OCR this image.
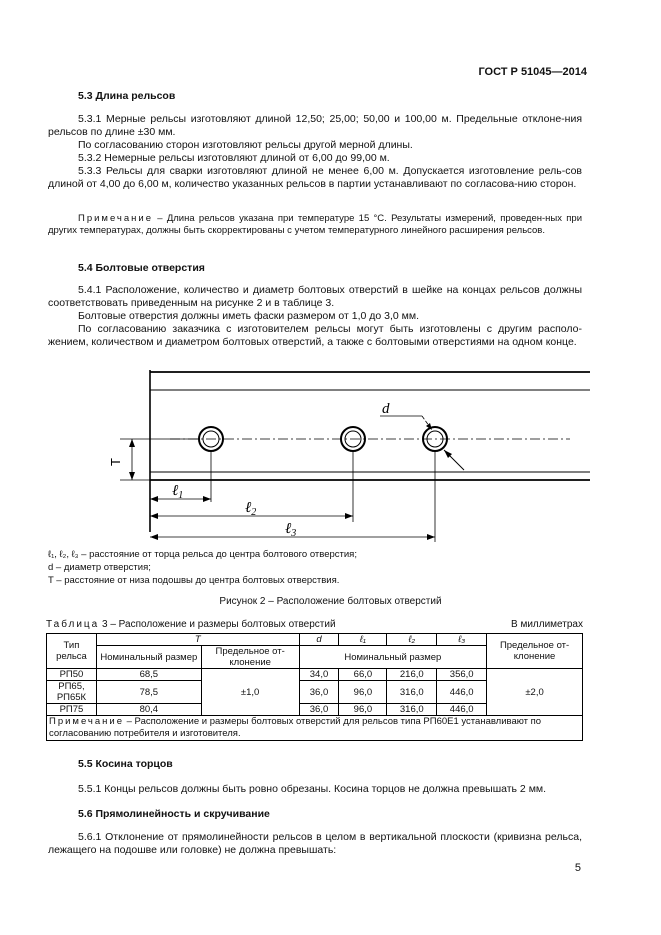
ГОСТ Р 51045—2014
5.3 Длина рельсов
5.3.1 Мерные рельсы изготовляют длиной 12,50; 25,00; 50,00 и 100,00 м. Предельные отклоне-ния рельсов по длине ±30 мм.
По согласованию сторон изготовляют рельсы другой мерной длины.
5.3.2 Немерные рельсы изготовляют длиной от 6,00 до 99,00 м.
5.3.3 Рельсы для сварки изготовляют длиной не менее 6,00 м. Допускается изготовление рель-сов длиной от 4,00 до 6,00 м, количество указанных рельсов в партии устанавливают по согласова-нию сторон.
Примечание – Длина рельсов указана при температуре 15 °С. Результаты измерений, проведен-ных при других температурах, должны быть скорректированы с учетом температурного линейного расширения рельсов.
5.4 Болтовые отверстия
5.4.1 Расположение, количество и диаметр болтовых отверстий в шейке на концах рельсов должны соответствовать приведенным на рисунке 2 и в таблице 3.
Болтовые отверстия должны иметь фаски размером от 1,0 до 3,0 мм.
По согласованию заказчика с изготовителем рельсы могут быть изготовлены с другим располо-жением, количеством и диаметром болтовых отверстий, а также с болтовыми отверстиями на одном конце.
d
T
ℓ$_1$
ℓ$_2$
ℓ$_3$
ℓ₁, ℓ₂, ℓ₃ – расстояние от торца рельса до центра болтового отверстия;
d – диаметр отверстия;
T – расстояние от низа подошвы до центра болтовых отверствия.
Рисунок 2 – Расположение болтовых отверстий
Таблица 3 – Расположение и размеры болтовых отверстий	В миллиметрах
Тип рельса	T		d	ℓ₁	ℓ₂	ℓ₃	Предельное от-клонение
	Номинальный размер	Предельное от-клонение	Номинальный размер				
РП50	68,5	±1,0	34,0	66,0	216,0	356,0	±2,0
РП65, РП65К	78,5		36,0	96,0	316,0	446,0	
РП75	80,4		36,0	96,0	316,0	446,0	
Примечание – Расположение и размеры болтовых отверстий для рельсов типа РП60Е1 устанавливают по согласованию потребителя и изготовителя.							
5.5 Косина торцов
5.5.1 Концы рельсов должны быть ровно обрезаны. Косина торцов не должна превышать 2 мм.
5.6 Прямолинейность и скручивание
5.6.1 Отклонение от прямолинейности рельсов в целом в вертикальной плоскости (кривизна рельса, лежащего на подошве или головке) не должна превышать:
5
